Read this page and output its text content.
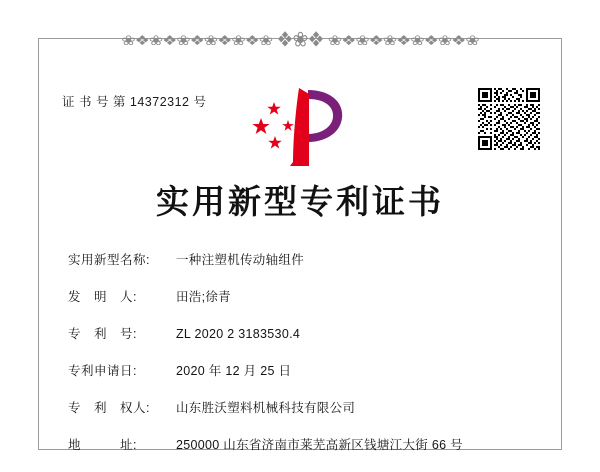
❀❖❀❖❀❖❀❖❀❖❀ ❖❀❖ ❀❖❀❖❀❖❀❖❀❖❀
证 书 号 第 14372312 号
实用新型专利证书
实用新型名称:	一种注塑机传动轴组件
发　明　人:	田浩;徐青
专　利　号:	ZL 2020 2 3183530.4
专利申请日:	2020 年 12 月 25 日
专　利　权人:	山东胜沃塑料机械科技有限公司
地　　　址:	250000 山东省济南市莱芜高新区钱塘江大街 66 号
